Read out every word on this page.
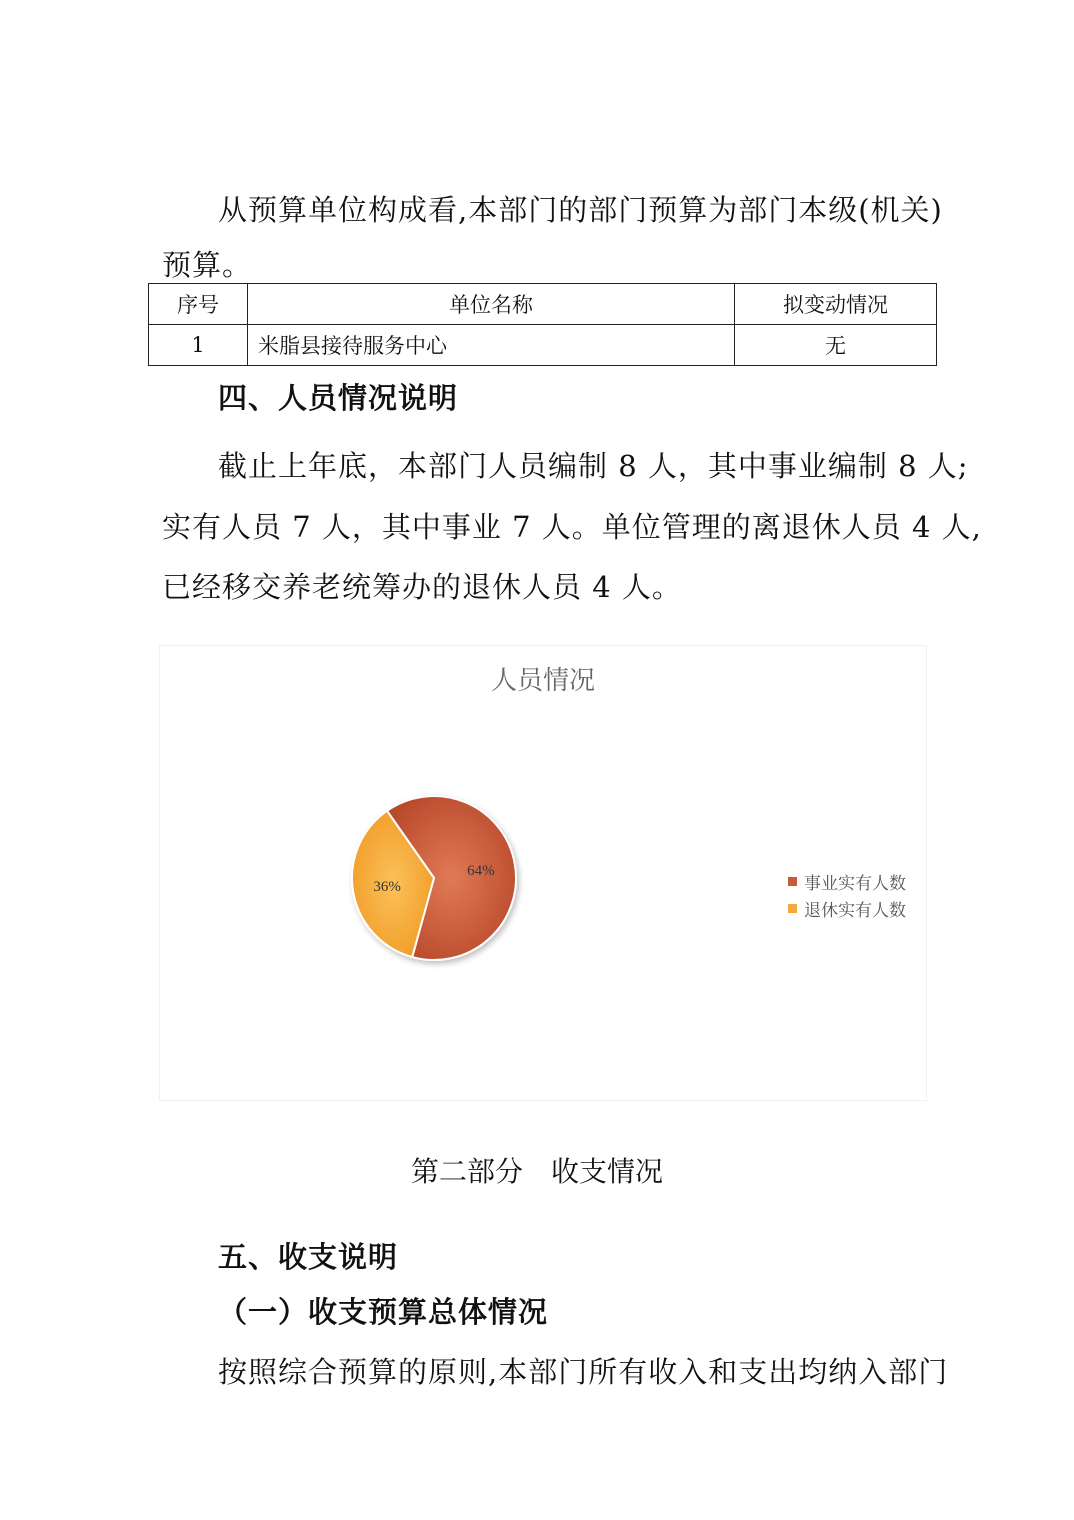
从预算单位构成看,本部门的部门预算为部门本级(机关)
预算。
序号	单位名称	拟变动情况
1	米脂县接待服务中心	无
四、人员情况说明
截止上年底，本部门人员编制 8 人，其中事业编制 8 人;
实有人员 7 人，其中事业 7 人。单位管理的离退休人员 4 人,
已经移交养老统筹办的退休人员 4 人。
人员情况
64%
36%	事业实有人数
退休实有人数
第二部分　收支情况
五、收支说明
（一）收支预算总体情况
按照综合预算的原则,本部门所有收入和支出均纳入部门
